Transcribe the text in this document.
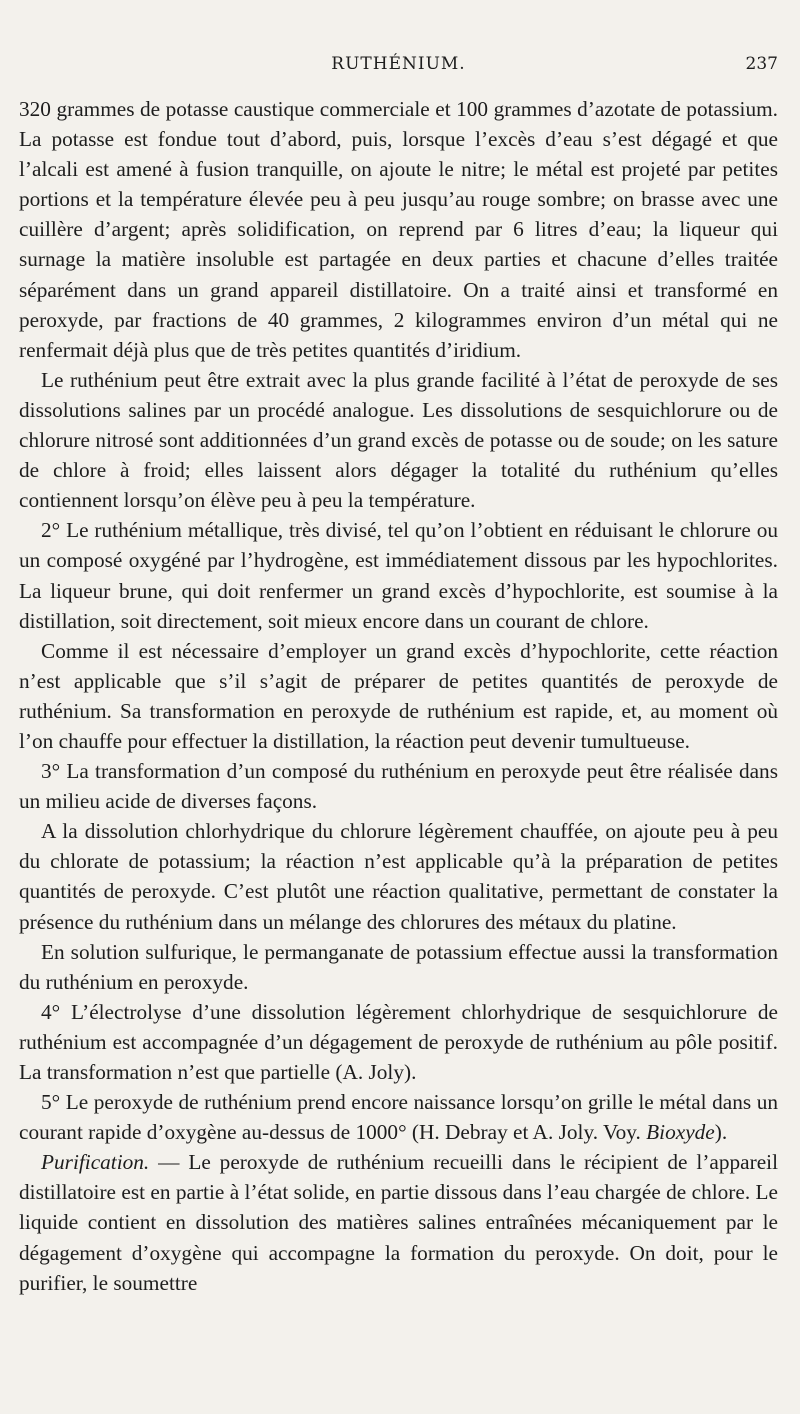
RUTHÉNIUM.	237

320 grammes de potasse caustique commerciale et 100 grammes d’azotate de potassium. La potasse est fondue tout d’abord, puis, lorsque l’excès d’eau s’est dégagé et que l’alcali est amené à fusion tranquille, on ajoute le nitre; le métal est projeté par petites portions et la température élevée peu à peu jusqu’au rouge sombre; on brasse avec une cuillère d’argent; après solidification, on reprend par 6 litres d’eau; la liqueur qui surnage la matière insoluble est partagée en deux parties et chacune d’elles traitée séparément dans un grand appareil distillatoire. On a traité ainsi et transformé en peroxyde, par fractions de 40 grammes, 2 kilogrammes environ d’un métal qui ne renfermait déjà plus que de très petites quantités d’iridium.

Le ruthénium peut être extrait avec la plus grande facilité à l’état de peroxyde de ses dissolutions salines par un procédé analogue. Les dissolutions de sesquichlorure ou de chlorure nitrosé sont additionnées d’un grand excès de potasse ou de soude; on les sature de chlore à froid; elles laissent alors dégager la totalité du ruthénium qu’elles contiennent lorsqu’on élève peu à peu la température.

2° Le ruthénium métallique, très divisé, tel qu’on l’obtient en réduisant le chlorure ou un composé oxygéné par l’hydrogène, est immédiatement dissous par les hypochlorites. La liqueur brune, qui doit renfermer un grand excès d’hypochlorite, est soumise à la distillation, soit directement, soit mieux encore dans un courant de chlore.

Comme il est nécessaire d’employer un grand excès d’hypochlorite, cette réaction n’est applicable que s’il s’agit de préparer de petites quantités de peroxyde de ruthénium. Sa transformation en peroxyde de ruthénium est rapide, et, au moment où l’on chauffe pour effectuer la distillation, la réaction peut devenir tumultueuse.

3° La transformation d’un composé du ruthénium en peroxyde peut être réalisée dans un milieu acide de diverses façons.

A la dissolution chlorhydrique du chlorure légèrement chauffée, on ajoute peu à peu du chlorate de potassium; la réaction n’est applicable qu’à la préparation de petites quantités de peroxyde. C’est plutôt une réaction qualitative, permettant de constater la présence du ruthénium dans un mélange des chlorures des métaux du platine.

En solution sulfurique, le permanganate de potassium effectue aussi la transformation du ruthénium en peroxyde.

4° L’électrolyse d’une dissolution légèrement chlorhydrique de sesquichlorure de ruthénium est accompagnée d’un dégagement de peroxyde de ruthénium au pôle positif. La transformation n’est que partielle (A. Joly).

5° Le peroxyde de ruthénium prend encore naissance lorsqu’on grille le métal dans un courant rapide d’oxygène au-dessus de 1000° (H. Debray et A. Joly. Voy. Bioxyde).

Purification. — Le peroxyde de ruthénium recueilli dans le récipient de l’appareil distillatoire est en partie à l’état solide, en partie dissous dans l’eau chargée de chlore. Le liquide contient en dissolution des matières salines entraînées mécaniquement par le dégagement d’oxygène qui accompagne la formation du peroxyde. On doit, pour le purifier, le soumettre
